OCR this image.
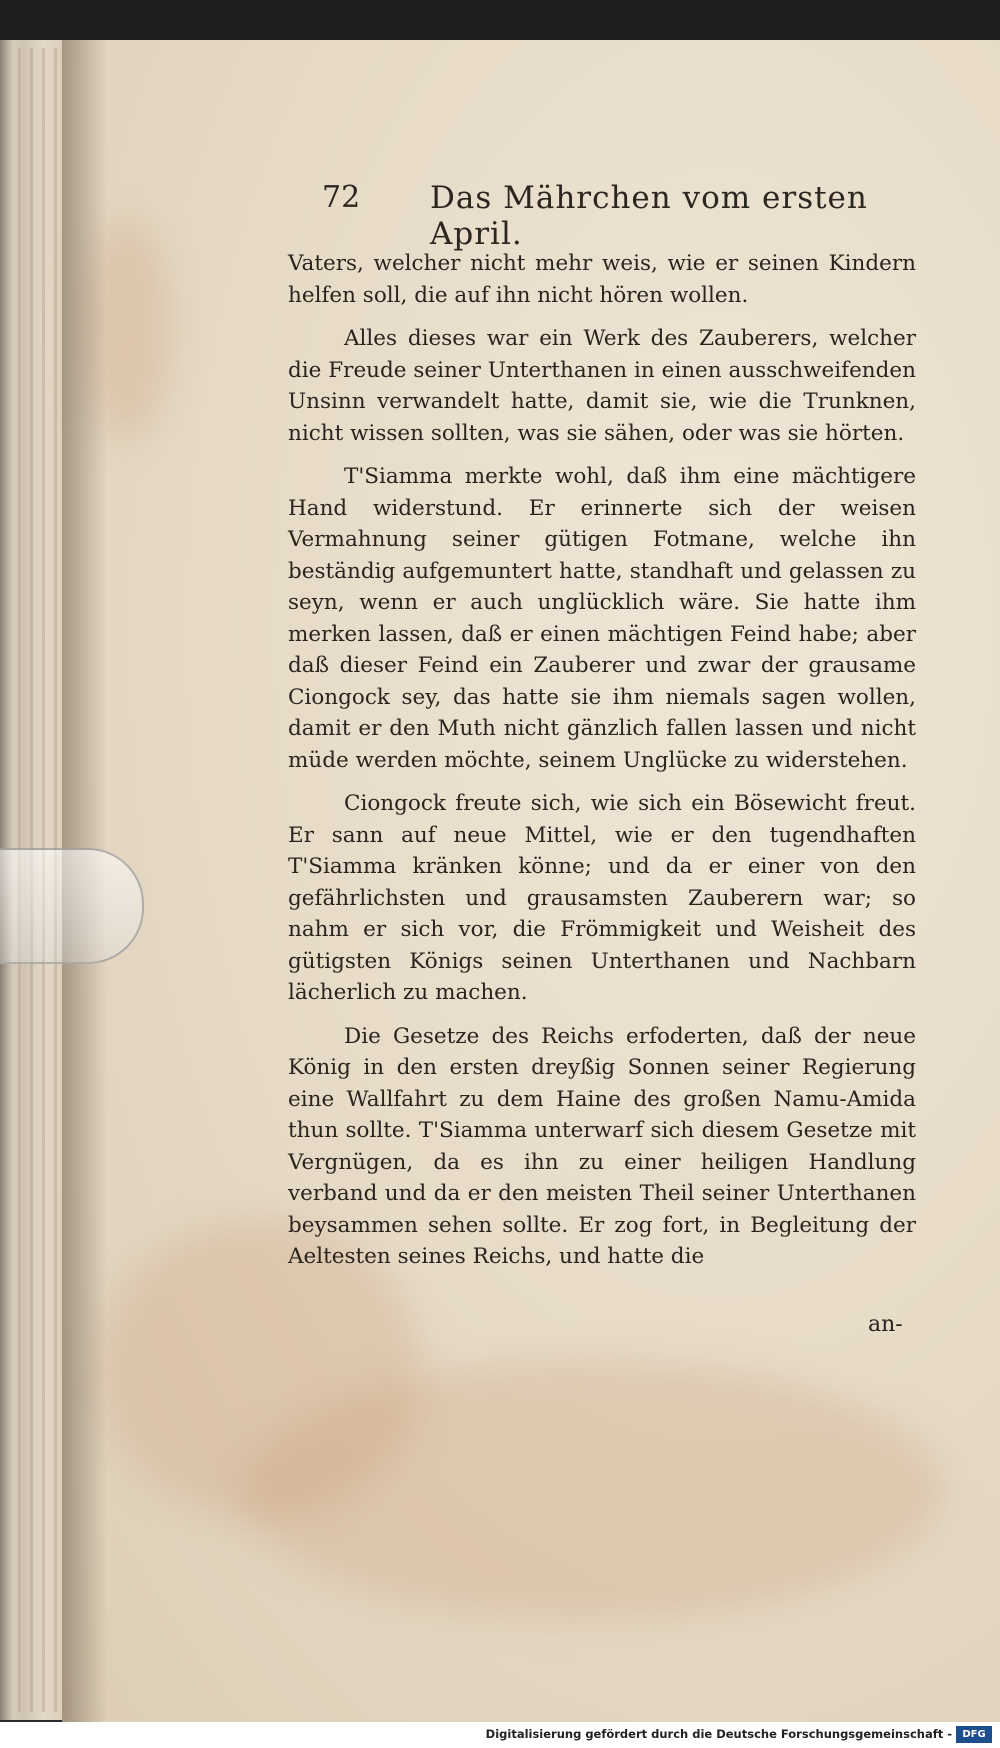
72 Das Mährchen vom ersten April.

Vaters, welcher nicht mehr weis, wie er seinen Kindern helfen soll, die auf ihn nicht hören wollen.

Alles dieses war ein Werk des Zauberers, welcher die Freude seiner Unterthanen in einen ausschweifenden Unsinn verwandelt hatte, damit sie, wie die Trunknen, nicht wissen sollten, was sie sähen, oder was sie hörten.

T'Siamma merkte wohl, daß ihm eine mächtigere Hand widerstund. Er erinnerte sich der weisen Vermahnung seiner gütigen Fotmane, welche ihn beständig aufgemuntert hatte, standhaft und gelassen zu seyn, wenn er auch unglücklich wäre. Sie hatte ihm merken lassen, daß er einen mächtigen Feind habe; aber daß dieser Feind ein Zauberer und zwar der grausame Ciongock sey, das hatte sie ihm niemals sagen wollen, damit er den Muth nicht gänzlich fallen lassen und nicht müde werden möchte, seinem Unglücke zu widerstehen.

Ciongock freute sich, wie sich ein Bösewicht freut. Er sann auf neue Mittel, wie er den tugendhaften T'Siamma kränken könne; und da er einer von den gefährlichsten und grausamsten Zauberern war; so nahm er sich vor, die Frömmigkeit und Weisheit des gütigsten Königs seinen Unterthanen und Nachbarn lächerlich zu machen.

Die Gesetze des Reichs erfoderten, daß der neue König in den ersten dreyßig Sonnen seiner Regierung eine Wallfahrt zu dem Haine des großen Namu-Amida thun sollte. T'Siamma unterwarf sich diesem Gesetze mit Vergnügen, da es ihn zu einer heiligen Handlung verband und da er den meisten Theil seiner Unterthanen beysammen sehen sollte. Er zog fort, in Begleitung der Aeltesten seines Reichs, und hatte die

an-
Digitalisierung gefördert durch die Deutsche Forschungsgemeinschaft -	DFG
